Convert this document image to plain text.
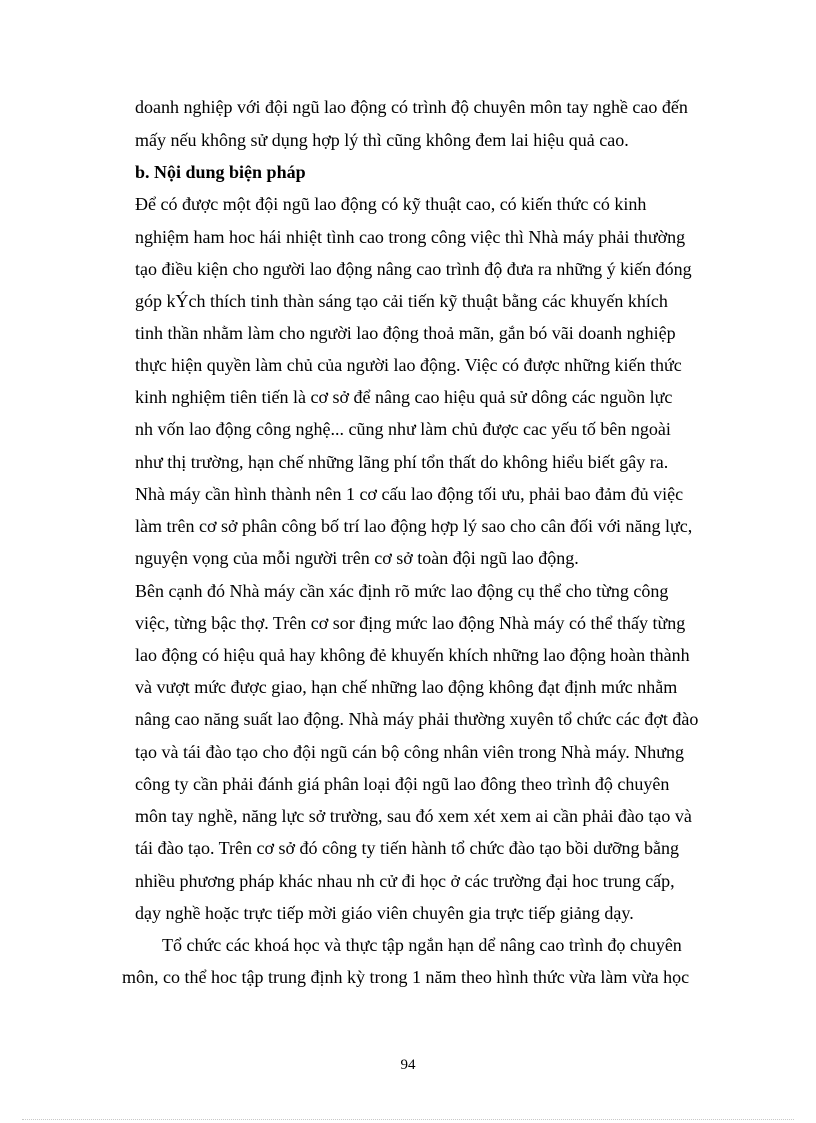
doanh nghiệp với đội ngũ lao động có trình độ chuyên môn tay nghề cao đến
mấy nếu không sử dụng hợp lý thì cũng không đem lai hiệu quả cao.
b. Nội dung biện pháp
Để có được một đội ngũ lao động có kỹ thuật cao, có kiến thức có kinh
nghiệm ham hoc hái nhiệt tình cao trong công việc thì Nhà máy phải thường
tạo điều kiện cho người lao động nâng cao trình độ đưa ra những ý kiến đóng
góp kÝch thích tinh thàn sáng tạo cải tiến kỹ thuật bằng các khuyến khích
tinh thần nhằm làm cho người lao động thoả mãn, gắn bó vãi doanh nghiệp
thực hiện quyền làm chủ của người lao động. Việc có được những kiến thức
kinh nghiệm tiên tiến là cơ sở để nâng cao hiệu quả sử dông các nguồn lực
nh vốn lao động công nghệ... cũng như làm chủ được cac yếu tố bên ngoài
như thị trường, hạn chế những lãng phí tổn thất do không hiểu biết gây ra.
Nhà máy cần hình thành nên 1 cơ cấu lao động tối ưu, phải bao đảm đủ việc
làm trên cơ sở phân công bố trí lao động hợp lý sao cho cân đối với năng lực,
nguyện vọng của mỗi người trên cơ sở toàn đội ngũ lao động.
Bên cạnh đó Nhà máy cần xác định rõ mức lao động cụ thể cho từng công
việc, từng bậc thợ. Trên cơ sor địng mức lao động Nhà máy có thể thấy từng
lao động có hiệu quả hay không đẻ khuyến khích những lao động hoàn thành
và vượt mức được giao, hạn chế những lao động không đạt định mức nhằm
nâng cao năng suất lao động. Nhà máy phải thường xuyên tổ chức các đợt đào
tạo và tái đào tạo cho đội ngũ cán bộ công nhân viên trong Nhà máy. Nhưng
công ty cần phải đánh giá phân loại đội ngũ lao đông theo trình độ chuyên
môn tay nghề, năng lực sở trường, sau đó xem xét xem ai cần phải đào tạo và
tái đào tạo. Trên cơ sở đó công ty tiến hành tổ chức đào tạo bồi dưỡng bằng
nhiều phương pháp khác nhau nh cử đi học ở các trường đại hoc trung cấp,
dạy nghề hoặc trực tiếp mời giáo viên chuyên gia trực tiếp giảng dạy.
Tổ chức các khoá học và thực tập ngắn hạn dể nâng cao trình đọ chuyên
môn, co thể hoc tập trung định kỳ trong 1 năm theo hình thức vừa làm vừa học
94
